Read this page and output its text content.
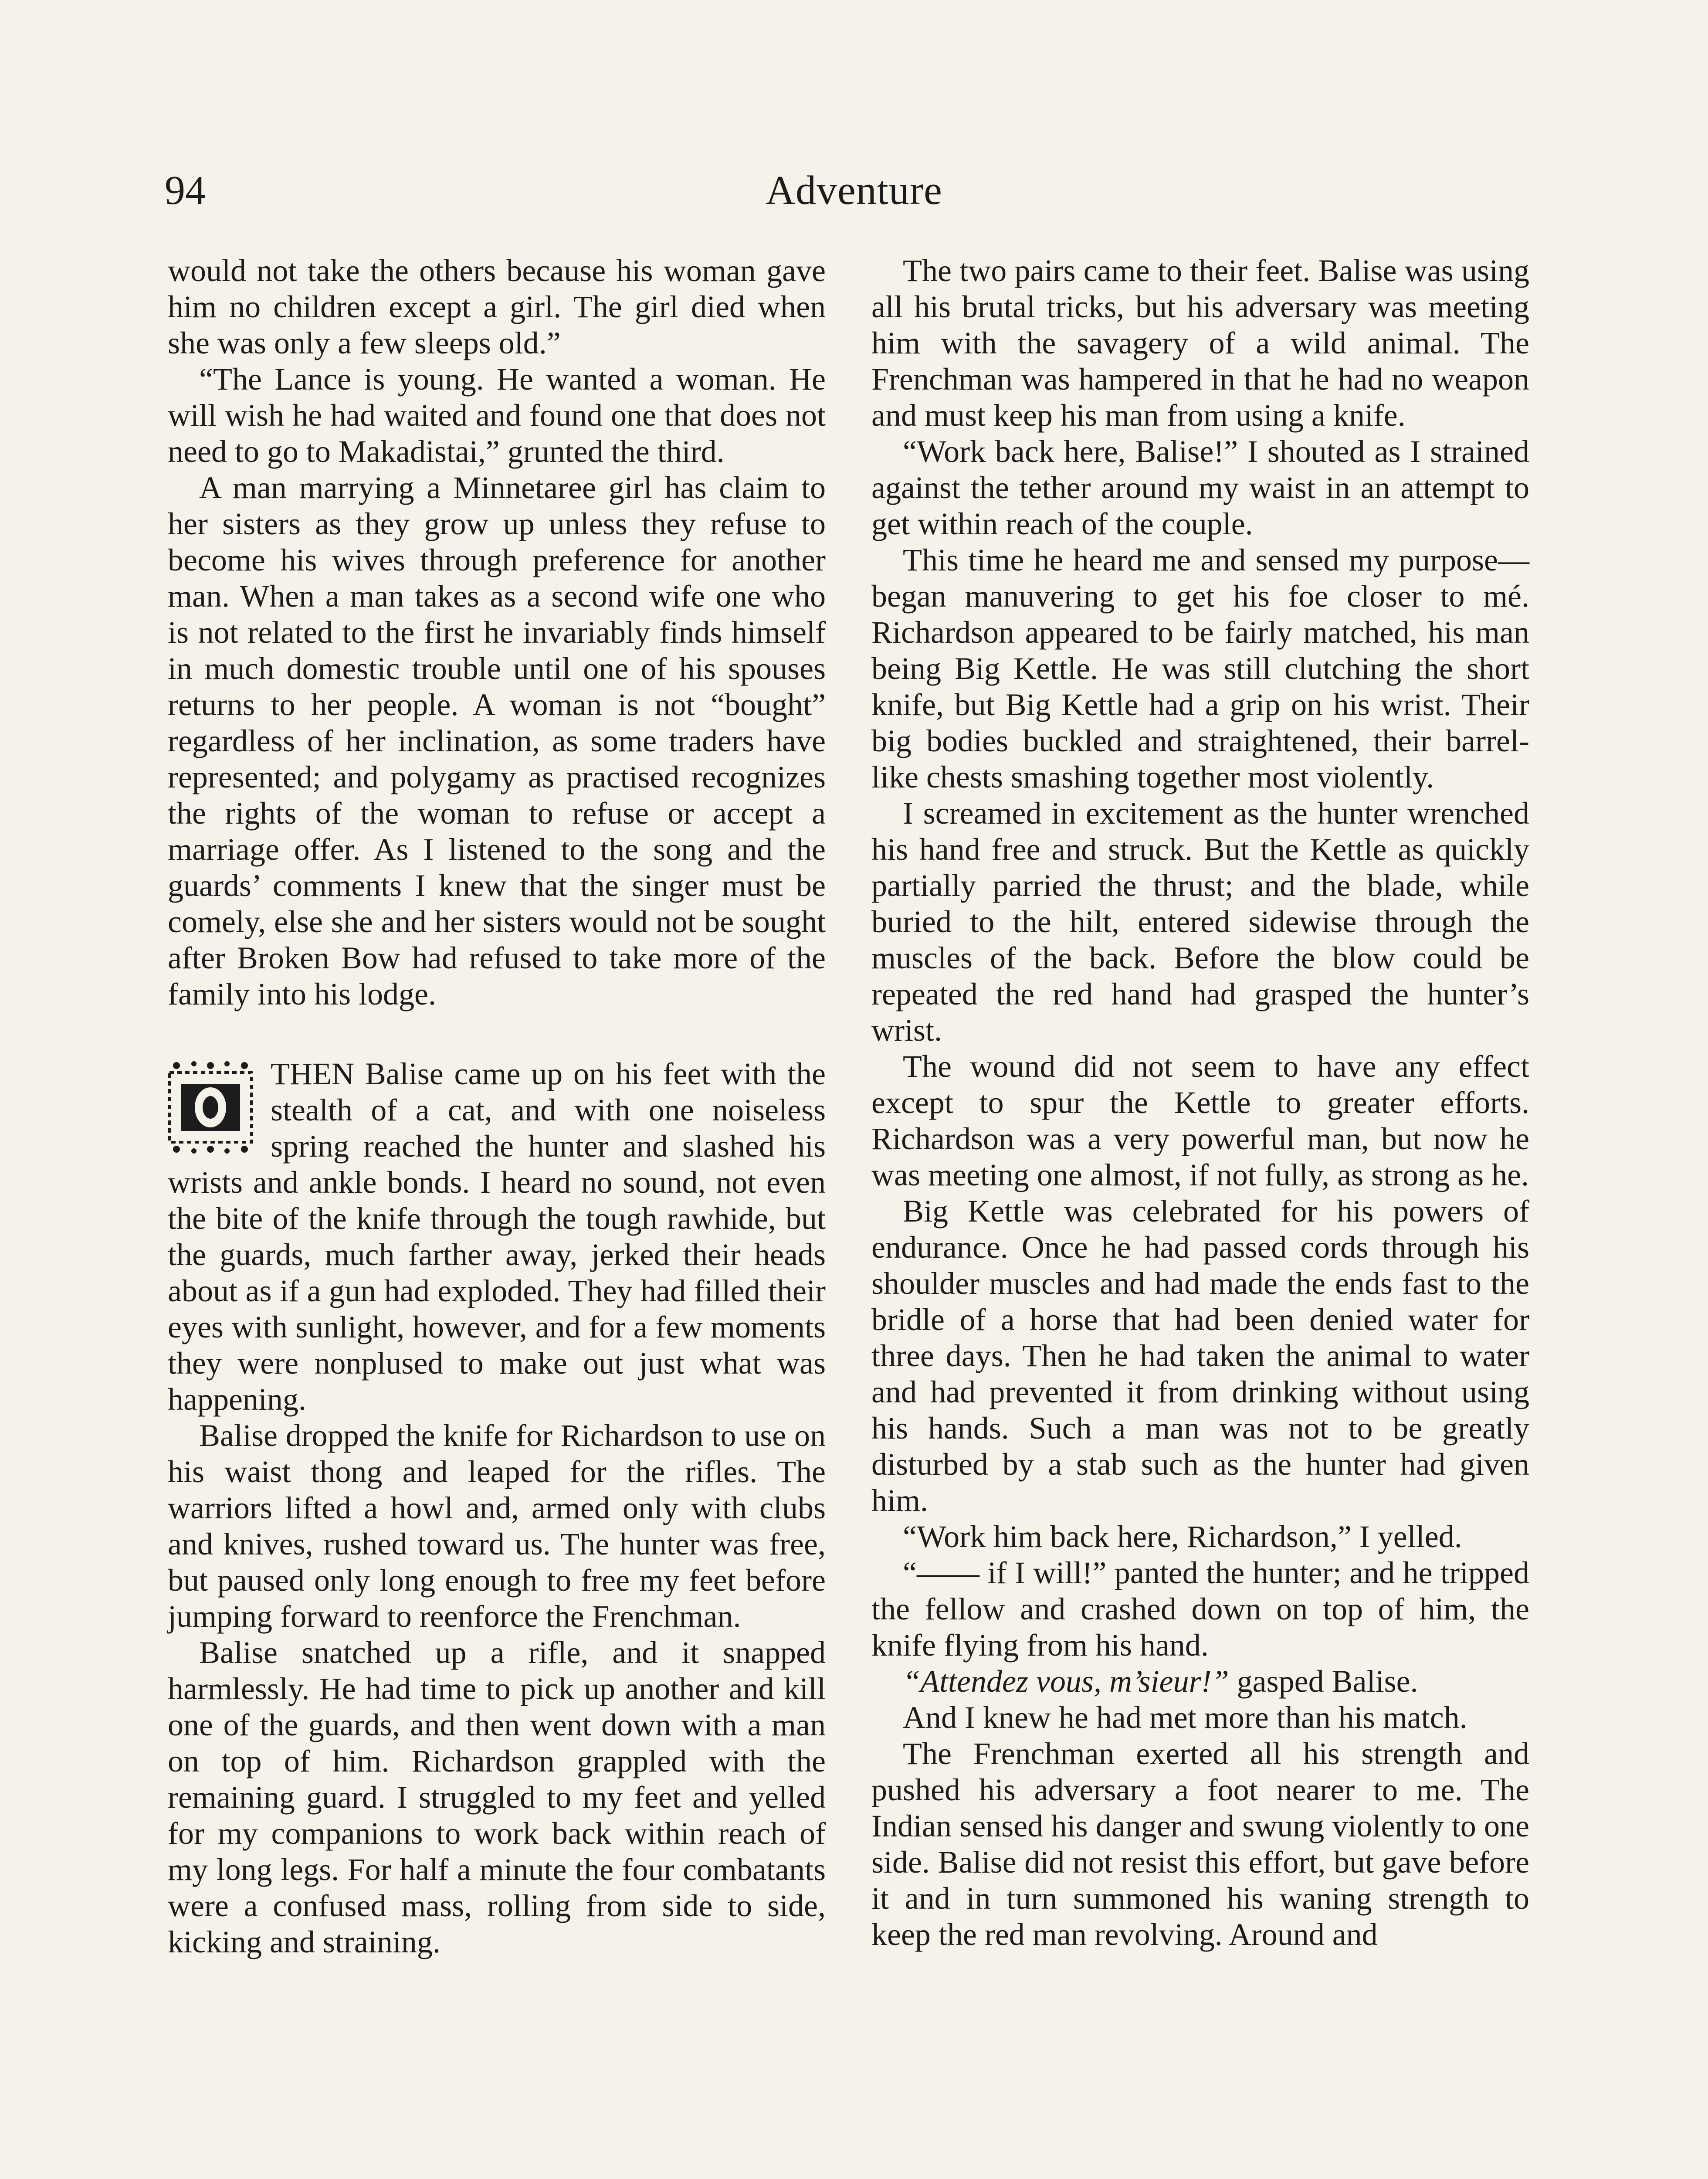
94	Adventure

would not take the others because his woman gave him no children except a girl. The girl died when she was only a few sleeps old.”

“The Lance is young. He wanted a woman. He will wish he had waited and found one that does not need to go to Makadistai,” grunted the third.

A man marrying a Minnetaree girl has claim to her sisters as they grow up unless they refuse to become his wives through preference for another man. When a man takes as a second wife one who is not related to the first he invariably finds himself in much domestic trouble until one of his spouses returns to her people. A woman is not “bought” regardless of her inclination, as some traders have represented; and polygamy as practised recognizes the rights of the woman to refuse or accept a marriage offer. As I listened to the song and the guards’ comments I knew that the singer must be comely, else she and her sisters would not be sought after Broken Bow had refused to take more of the family into his lodge.

THEN Balise came up on his feet with the stealth of a cat, and with one noiseless spring reached the hunter and slashed his wrists and ankle bonds. I heard no sound, not even the bite of the knife through the tough rawhide, but the guards, much farther away, jerked their heads about as if a gun had exploded. They had filled their eyes with sunlight, however, and for a few moments they were nonplused to make out just what was happening.

Balise dropped the knife for Richardson to use on his waist thong and leaped for the rifles. The warriors lifted a howl and, armed only with clubs and knives, rushed toward us. The hunter was free, but paused only long enough to free my feet before jumping forward to reenforce the Frenchman.

Balise snatched up a rifle, and it snapped harmlessly. He had time to pick up another and kill one of the guards, and then went down with a man on top of him. Richardson grappled with the remaining guard. I struggled to my feet and yelled for my companions to work back within reach of my long legs. For half a minute the four combatants were a confused mass, rolling from side to side, kicking and straining.

The two pairs came to their feet. Balise was using all his brutal tricks, but his adversary was meeting him with the savagery of a wild animal. The Frenchman was hampered in that he had no weapon and must keep his man from using a knife.

“Work back here, Balise!” I shouted as I strained against the tether around my waist in an attempt to get within reach of the couple.

This time he heard me and sensed my purpose—began manuvering to get his foe closer to mé. Richardson appeared to be fairly matched, his man being Big Kettle. He was still clutching the short knife, but Big Kettle had a grip on his wrist. Their big bodies buckled and straightened, their barrel-like chests smashing together most violently.

I screamed in excitement as the hunter wrenched his hand free and struck. But the Kettle as quickly partially parried the thrust; and the blade, while buried to the hilt, entered sidewise through the muscles of the back. Before the blow could be repeated the red hand had grasped the hunter’s wrist.

The wound did not seem to have any effect except to spur the Kettle to greater efforts. Richardson was a very powerful man, but now he was meeting one almost, if not fully, as strong as he.

Big Kettle was celebrated for his powers of endurance. Once he had passed cords through his shoulder muscles and had made the ends fast to the bridle of a horse that had been denied water for three days. Then he had taken the animal to water and had prevented it from drinking without using his hands. Such a man was not to be greatly disturbed by a stab such as the hunter had given him.

“Work him back here, Richardson,” I yelled.

“—— if I will!” panted the hunter; and he tripped the fellow and crashed down on top of him, the knife flying from his hand.

“Attendez vous, m’sieur!” gasped Balise.

And I knew he had met more than his match.

The Frenchman exerted all his strength and pushed his adversary a foot nearer to me. The Indian sensed his danger and swung violently to one side. Balise did not resist this effort, but gave before it and in turn summoned his waning strength to keep the red man revolving. Around and
